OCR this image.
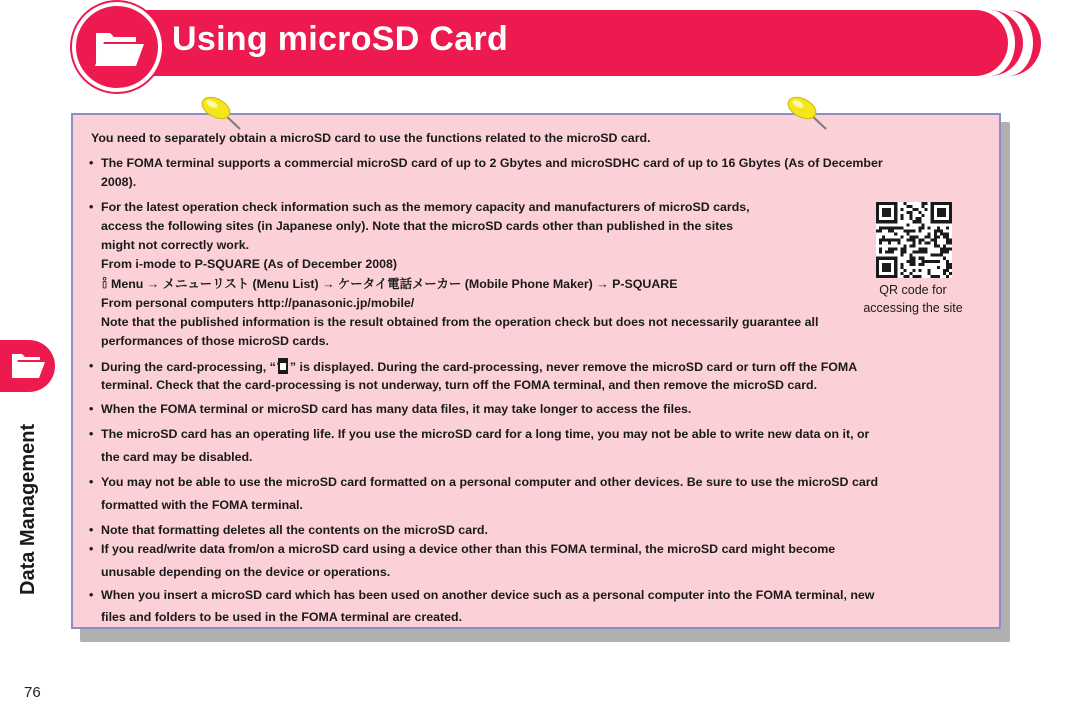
Using microSD Card
Data Management
76

You need to separately obtain a microSD card to use the functions related to the microSD card.

• The FOMA terminal supports a commercial microSD card of up to 2 Gbytes and microSDHC card of up to 16 Gbytes (As of December

2008).

• For the latest operation check information such as the memory capacity and manufacturers of microSD cards,

access the following sites (in Japanese only). Note that the microSD cards other than published in the sites

might not correctly work.

From i-mode to P-SQUARE (As of December 2008)

Menu → メニューリスト (Menu List) → ケータイ電話メーカー (Mobile Phone Maker) → P-SQUARE

From personal computers http://panasonic.jp/mobile/

Note that the published information is the result obtained from the operation check but does not necessarily guarantee all

performances of those microSD cards.

• During the card-processing, “ ” is displayed. During the card-processing, never remove the microSD card or turn off the FOMA

terminal. Check that the card-processing is not underway, turn off the FOMA terminal, and then remove the microSD card.

• When the FOMA terminal or microSD card has many data files, it may take longer to access the files.

• The microSD card has an operating life. If you use the microSD card for a long time, you may not be able to write new data on it, or

the card may be disabled.

• You may not be able to use the microSD card formatted on a personal computer and other devices. Be sure to use the microSD card

formatted with the FOMA terminal.

• Note that formatting deletes all the contents on the microSD card.

• If you read/write data from/on a microSD card using a device other than this FOMA terminal, the microSD card might become

unusable depending on the device or operations.

• When you insert a microSD card which has been used on another device such as a personal computer into the FOMA terminal, new

files and folders to be used in the FOMA terminal are created.

QR code for
accessing the site
